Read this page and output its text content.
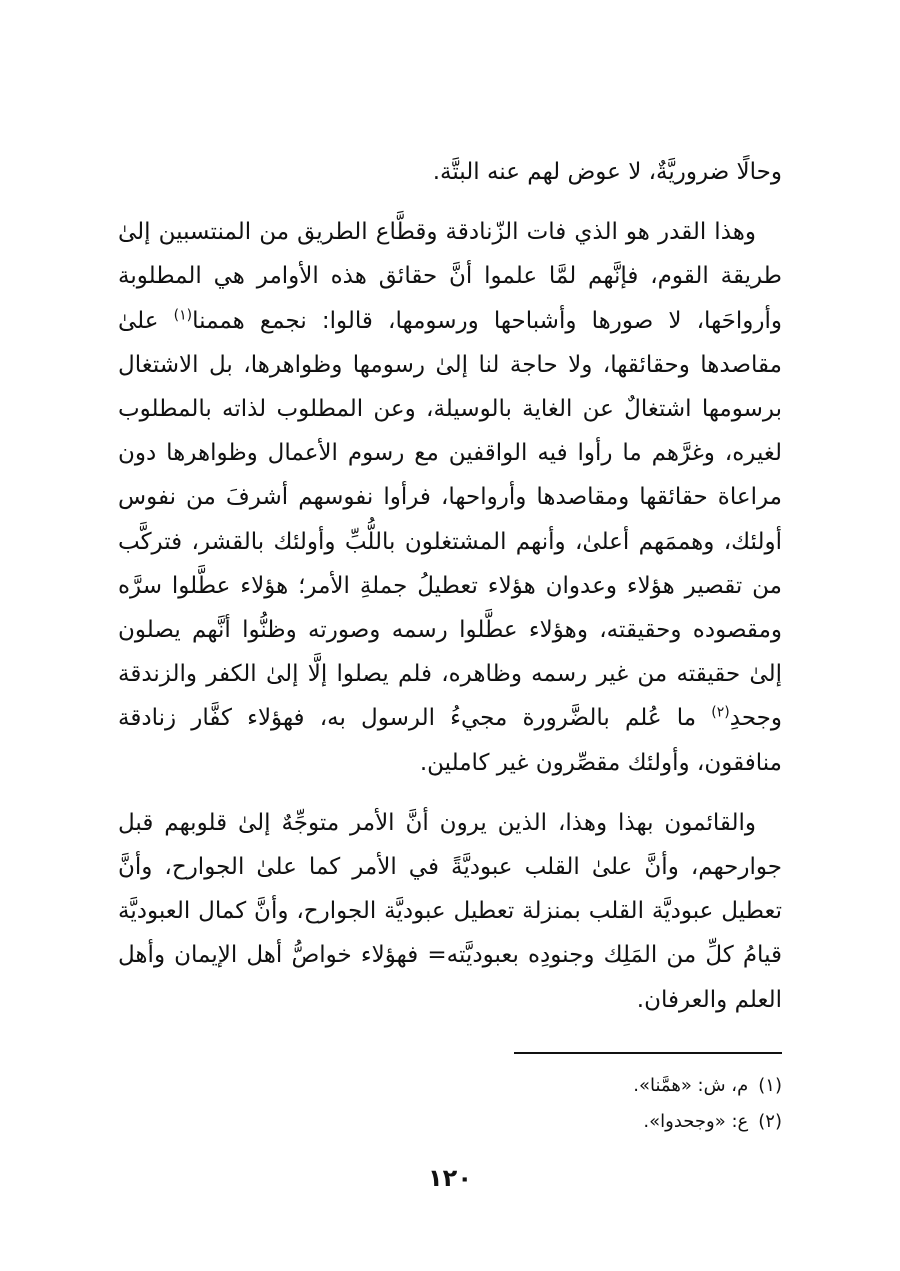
وحالًا ضروريَّةٌ، لا عوض لهم عنه البتَّة.

وهذا القدر هو الذي فات الزّنادقة وقطَّاع الطريق من المنتسبين إلىٰ طريقة القوم، فإنَّهم لمَّا علموا أنَّ حقائق هذه الأوامر هي المطلوبة وأرواحَها، لا صورها وأشباحها ورسومها، قالوا: نجمع هممنا$^{(١)}$ علىٰ مقاصدها وحقائقها، ولا حاجة لنا إلىٰ رسومها وظواهرها، بل الاشتغال برسومها اشتغالٌ عن الغاية بالوسيلة، وعن المطلوب لذاته بالمطلوب لغيره، وغرَّهم ما رأوا فيه الواقفين مع رسوم الأعمال وظواهرها دون مراعاة حقائقها ومقاصدها وأرواحها، فرأوا نفوسهم أشرفَ من نفوس أولئك، وهممَهم أعلىٰ، وأنهم المشتغلون باللُّبِّ وأولئك بالقشر، فتركَّب من تقصير هؤلاء وعدوان هؤلاء تعطيلُ جملةِ الأمر؛ هؤلاء عطَّلوا سرَّه ومقصوده وحقيقته، وهؤلاء عطَّلوا رسمه وصورته وظنُّوا أنَّهم يصلون إلىٰ حقيقته من غير رسمه وظاهره، فلم يصلوا إلَّا إلىٰ الكفر والزندقة وجحدِ$^{(٢)}$ ما عُلم بالضَّرورة مجيءُ الرسول به، فهؤلاء كفَّار زنادقة منافقون، وأولئك مقصِّرون غير كاملين.

والقائمون بهذا وهذا، الذين يرون أنَّ الأمر متوجِّهٌ إلىٰ قلوبهم قبل جوارحهم، وأنَّ علىٰ القلب عبوديَّةً في الأمر كما علىٰ الجوارح، وأنَّ تعطيل عبوديَّة القلب بمنزلة تعطيل عبوديَّة الجوارح، وأنَّ كمال العبوديَّة قيامُ كلِّ من المَلِك وجنودِه بعبوديَّته= فهؤلاء خواصُّ أهل الإيمان وأهل العلم والعرفان.

(١)م، ش: «همَّنا».

(٢)ع: «وجحدوا».

١٢٠
